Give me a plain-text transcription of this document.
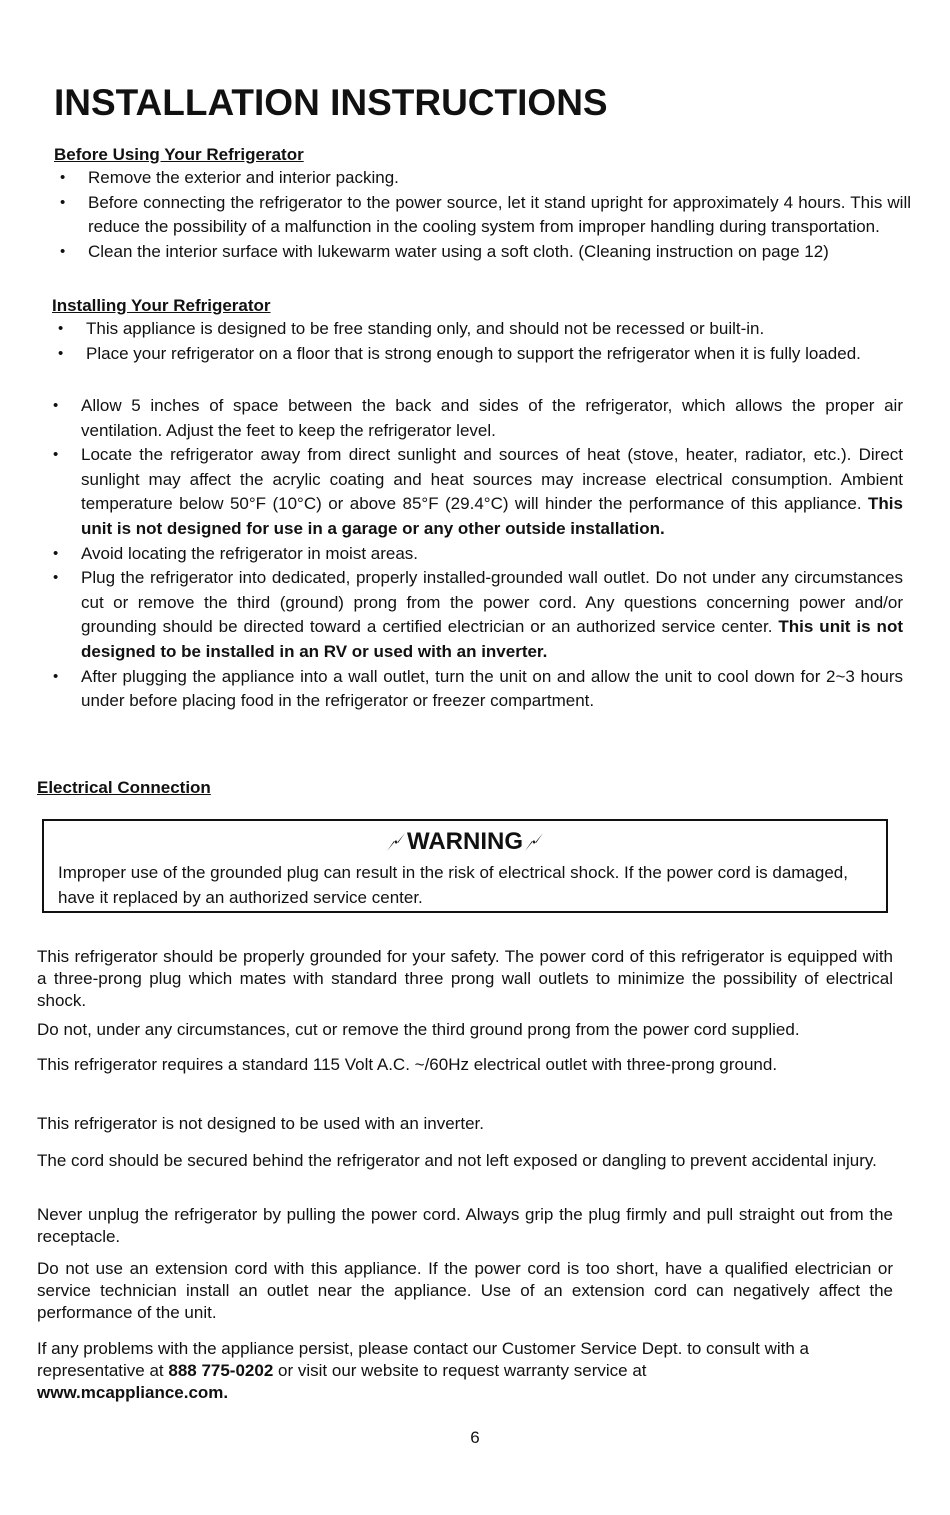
INSTALLATION INSTRUCTIONS
Before Using Your Refrigerator
• Remove the exterior and interior packing.
• Before connecting the refrigerator to the power source, let it stand upright for approximately 4 hours. This will reduce the possibility of a malfunction in the cooling system from improper handling during transportation.
• Clean the interior surface with lukewarm water using a soft cloth. (Cleaning instruction on page 12)
Installing Your Refrigerator
• This appliance is designed to be free standing only, and should not be recessed or built-in.
• Place your refrigerator on a floor that is strong enough to support the refrigerator when it is fully loaded.
• Allow 5 inches of space between the back and sides of the refrigerator, which allows the proper air ventilation. Adjust the feet to keep the refrigerator level.
• Locate the refrigerator away from direct sunlight and sources of heat (stove, heater, radiator, etc.). Direct sunlight may affect the acrylic coating and heat sources may increase electrical consumption. Ambient temperature below 50°F (10°C) or above 85°F (29.4°C) will hinder the performance of this appliance. This unit is not designed for use in a garage or any other outside installation.
• Avoid locating the refrigerator in moist areas.
• Plug the refrigerator into dedicated, properly installed-grounded wall outlet. Do not under any circumstances cut or remove the third (ground) prong from the power cord. Any questions concerning power and/or grounding should be directed toward a certified electrician or an authorized service center. This unit is not designed to be installed in an RV or used with an inverter.
• After plugging the appliance into a wall outlet, turn the unit on and allow the unit to cool down for 2~3 hours under before placing food in the refrigerator or freezer compartment.
Electrical Connection
WARNING
Improper use of the grounded plug can result in the risk of electrical shock. If the power cord is damaged, have it replaced by an authorized service center.

This refrigerator should be properly grounded for your safety. The power cord of this refrigerator is equipped with a three-prong plug which mates with standard three prong wall outlets to minimize the possibility of electrical shock.

Do not, under any circumstances, cut or remove the third ground prong from the power cord supplied.

This refrigerator requires a standard 115 Volt A.C. ~/60Hz electrical outlet with three-prong ground.

This refrigerator is not designed to be used with an inverter.

The cord should be secured behind the refrigerator and not left exposed or dangling to prevent accidental injury.

Never unplug the refrigerator by pulling the power cord. Always grip the plug firmly and pull straight out from the receptacle.

Do not use an extension cord with this appliance. If the power cord is too short, have a qualified electrician or service technician install an outlet near the appliance. Use of an extension cord can negatively affect the performance of the unit.

If any problems with the appliance persist, please contact our Customer Service Dept. to consult with a representative at 888 775-0202 or visit our website to request warranty service at
www.mcappliance.com.

6
